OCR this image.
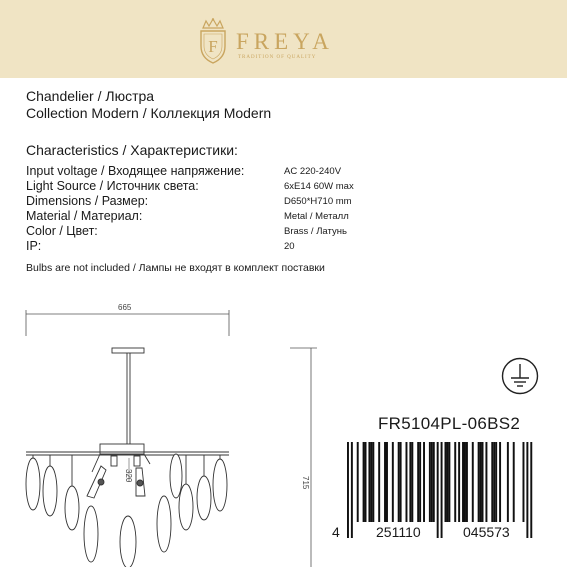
F FREYA
TRADITION OF QUALITY
Chandelier / Люстра
Collection Modern / Коллекция Modern
Characteristics / Характеристики:
Input voltage / Входящее напряжение:	AC 220-240V
Light Source / Источник света:	6xE14 60W max
Dimensions / Размер:	D650*H710 mm
Material / Материал:	Metal / Металл
Color / Цвет:	Brass / Латунь
IP:	20
Bulbs are not included / Лампы не входят в комплект поставки
665
715
320
FR5104PL-06BS2
4	251110	045573
